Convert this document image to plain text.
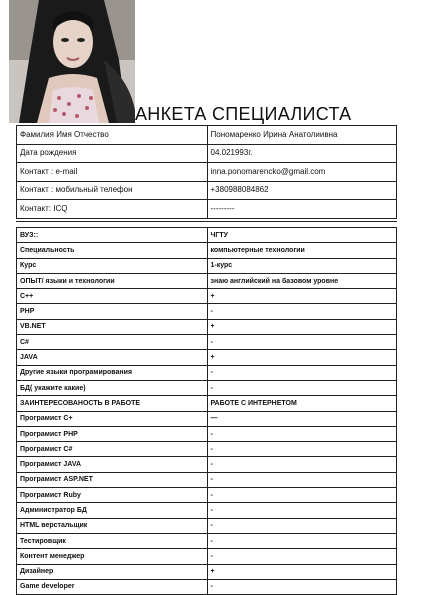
АНКЕТА СПЕЦИАЛИСТА
Фамилия Имя Отчество	Пономаренко Ирина Анатолиивна
Дата рождения	04.021993г.
Контакт : e-mail	inna.ponomarencko@gmail.com
Контакт : мобильный телефон	+380988084862
Контакт: ICQ	---------
ВУЗ::	ЧГТУ
Специальность	компьютерные технологии
Курс	1-курс
ОПЫТ/ языки и технологии	знаю английский на базовом уровне
C++	+
PHP	-
VB.NET	+
C#	-
JAVA	+
Другие языки програмирования	-
БД( укажите какие)	-
ЗАИНТЕРЕСОВАНОСТЬ В РАБОТЕ	РАБОТЕ С ИНТЕРНЕТОМ
Програмист C+	—
Програмист PHP	-
Програмист C#	-
Програмист JAVA	-
Програмист ASP.NET	-
Програмист Ruby	-
Администратор БД	-
HTML верстальщик	-
Тестировщик	-
Контент менеджер	-
Дизайнер	+
Game developer	-
